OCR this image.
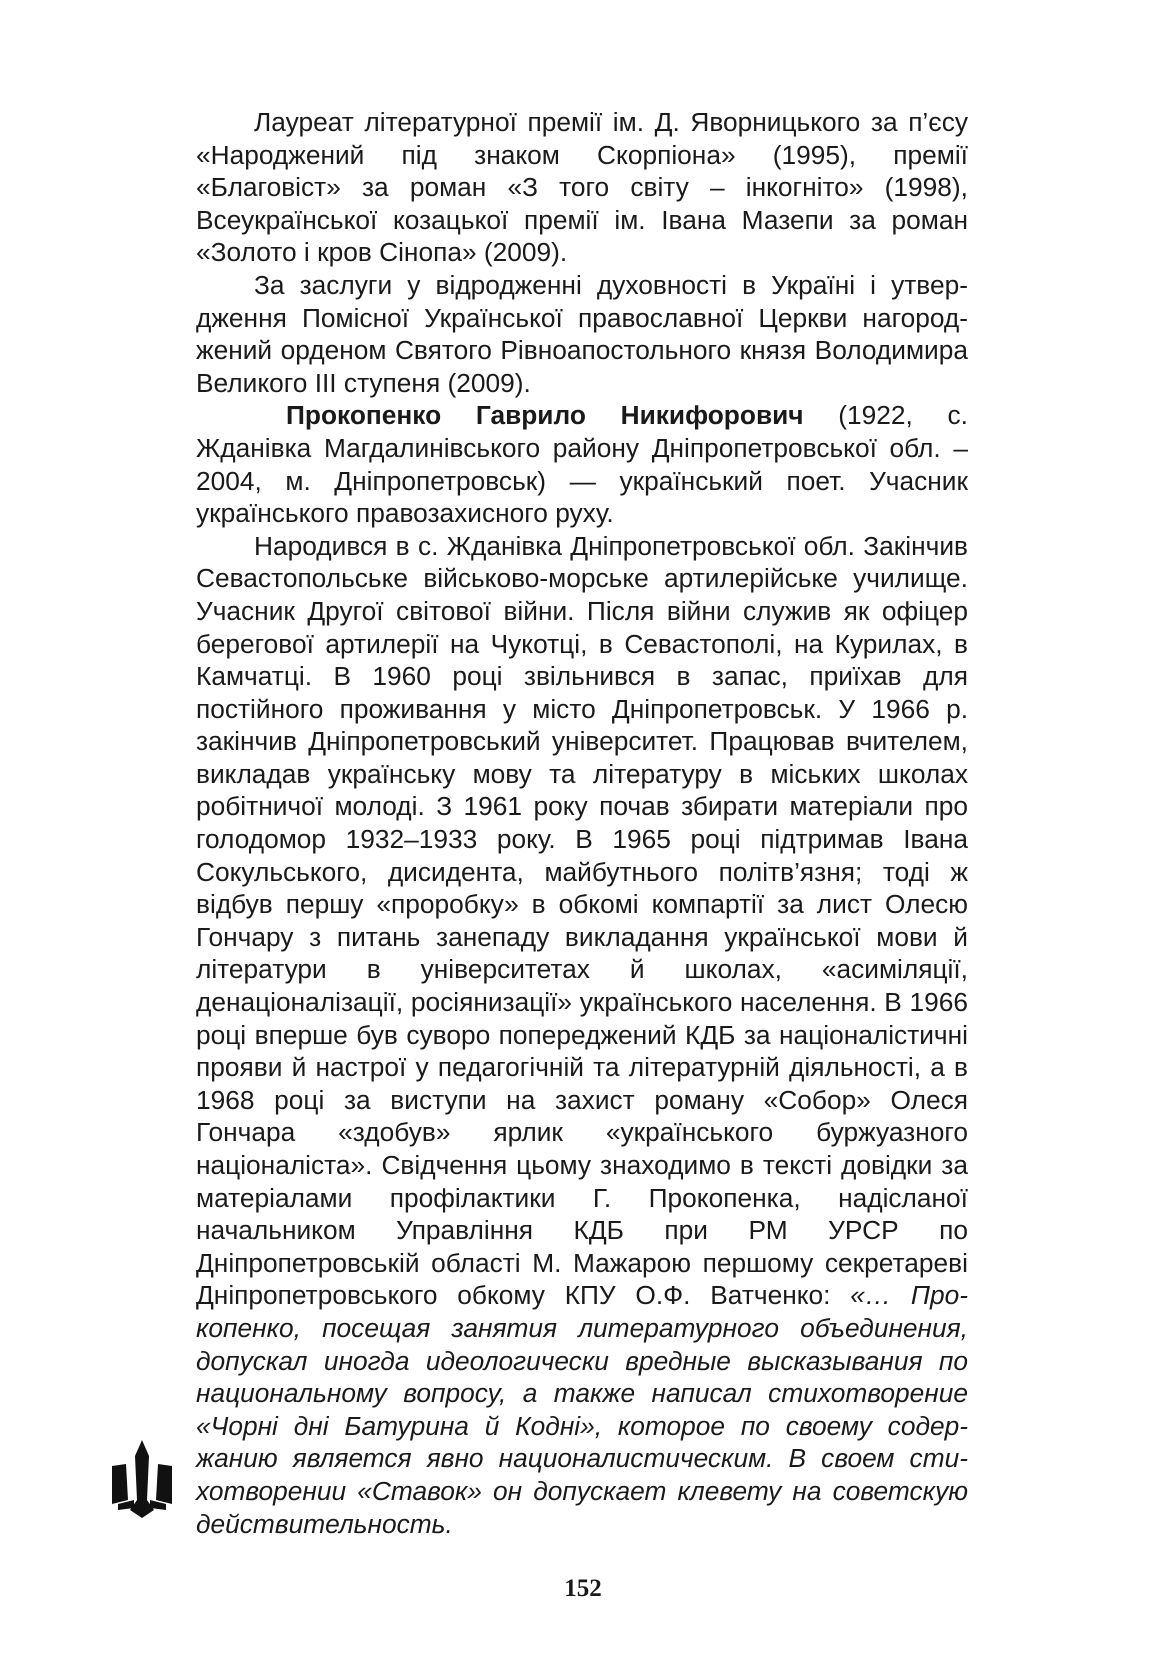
Лауреат літературної премії ім. Д. Яворницького за п’єсу «Народжений під знаком Скорпіона» (1995), премії «Благовіст» за роман «З того світу – інкогніто» (1998), Всеукраїнської козацької премії ім. Івана Мазепи за роман «Золото і кров Сінопа» (2009).

За заслуги у відродженні духовності в Україні і утвердження Помісної Української православної Церкви нагороджений орденом Святого Рівноапостольного князя Володимира Великого ІІІ ступеня (2009).

Прокопенко Гаврило Никифорович (1922, с. Жданівка Магдалинівського району Дніпропетровської обл. – 2004, м. Дніпропетровськ) — український поет. Учасник українського правозахисного руху.

Народився в с. Жданівка Дніпропетровської обл. Закінчив Севастопольське військово-морське артилерійське училище. Учасник Другої світової війни. Після війни служив як офіцер берегової артилерії на Чукотці, в Севастополі, на Курилах, в Камчатці. В 1960 році звільнився в запас, приїхав для постійного проживання у місто Дніпропетровськ. У 1966 р. закінчив Дніпропетровський університет. Працював вчителем, викладав українську мову та літературу в міських школах робітничої молоді. З 1961 року почав збирати матеріали про голодомор 1932–1933 року. В 1965 році підтримав Івана Сокульського, дисидента, майбутнього політв’язня; тоді ж відбув першу «проробку» в обкомі компартії за лист Олесю Гончару з питань занепаду викладання української мови й літератури в університетах й школах, «асиміляції, денаціоналізації, росіянизації» українського населення. В 1966 році вперше був суворо попереджений КДБ за націоналістичні прояви й настрої у педагогічній та літературній діяльності, а в 1968 році за виступи на захист роману «Собор» Олеся Гончара «здобув» ярлик «українського буржуазного націоналіста». Свідчення цьому знаходимо в тексті довідки за матеріалами профілактики Г. Прокопенка, надісланої начальником Управління КДБ при РМ УРСР по Дніпропетровській області М. Мажарою першому секретареві Дніпропетровського обкому КПУ О.Ф. Ватченко: «… Прокопенко, посещая занятия литературного объединения, допускал иногда идеологически вредные высказывания по национальному вопросу, а также написал стихотворение «Чорні дні Батурина й Кодні», которое по своему содержанию является явно националистическим. В своем стихотворении «Ставок» он допускает клевету на советскую действительность.

152
